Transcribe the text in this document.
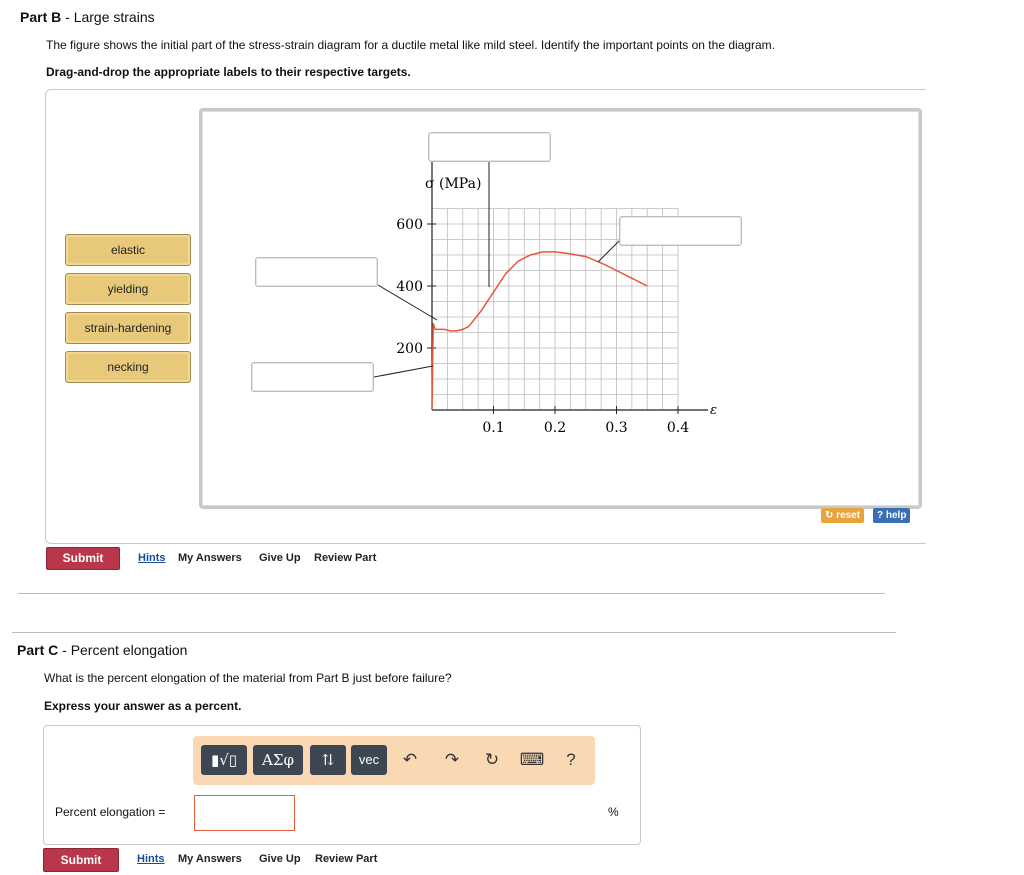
Part B - Large strains
The figure shows the initial part of the stress-strain diagram for a ductile metal like mild steel. Identify the important points on the diagram.
Drag-and-drop the appropriate labels to their respective targets.
elastic
yielding
strain-hardening
necking
0.1	0.2	0.3	0.4
200
400
600
σ (MPa)
ε
↻ reset	? help
Submit	Hints My Answers Give Up Review Part
Part C - Percent elongation
What is the percent elongation of the material from Part B just before failure?
Express your answer as a percent.
▮√▯	ΑΣφ	⇅	vec	↶	↷	↻	⌨	?
Percent elongation =	%
Submit	Hints My Answers Give Up Review Part
